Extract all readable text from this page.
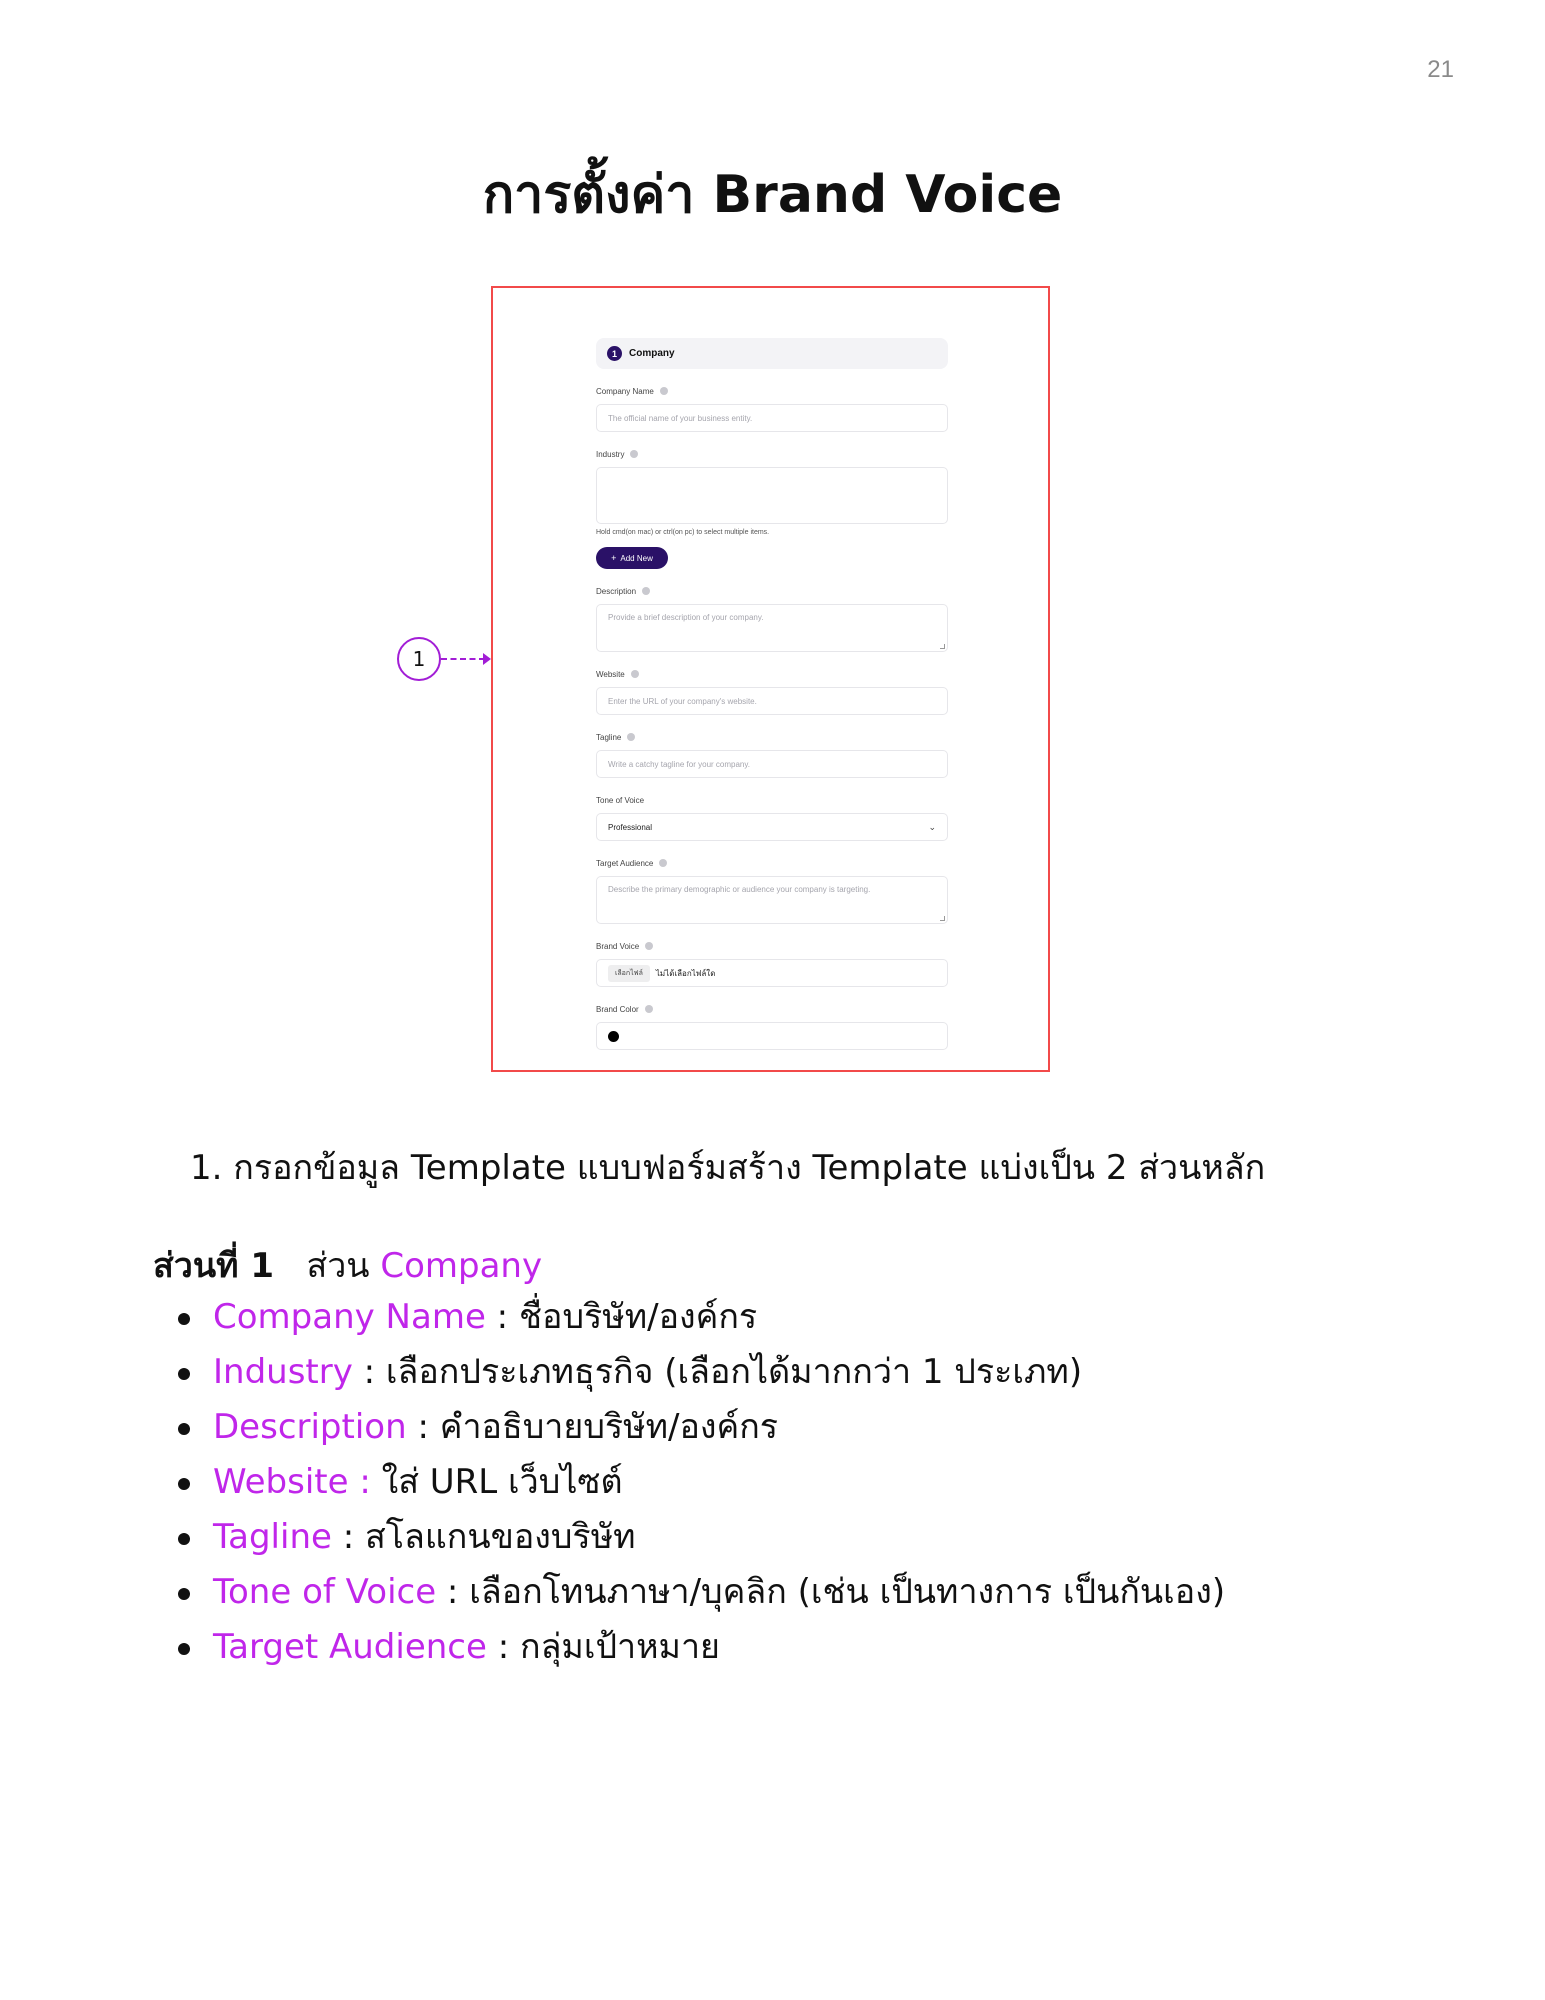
21
การตั้งค่า Brand Voice
1	Company
Company Name
The official name of your business entity.
Industry
Hold cmd(on mac) or ctrl(on pc) to select multiple items.
+ Add New
Description
Provide a brief description of your company.
Website
Enter the URL of your company's website.
Tagline
Write a catchy tagline for your company.
Tone of Voice
Professional	⌄
Target Audience
Describe the primary demographic or audience your company is targeting.
Brand Voice
เลือกไฟล์	ไม่ได้เลือกไฟล์ใด
Brand Color
1

1. กรอกข้อมูล Template แบบฟอร์มสร้าง Template แบ่งเป็น 2 ส่วนหลัก

ส่วนที่ 1 ส่วน Company

Company Name : ชื่อบริษัท/องค์กร
Industry : เลือกประเภทธุรกิจ (เลือกได้มากกว่า 1 ประเภท)
Description : คำอธิบายบริษัท/องค์กร
Website : ใส่ URL เว็บไซต์
Tagline : สโลแกนของบริษัท
Tone of Voice : เลือกโทนภาษา/บุคลิก (เช่น เป็นทางการ เป็นกันเอง)
Target Audience : กลุ่มเป้าหมาย
